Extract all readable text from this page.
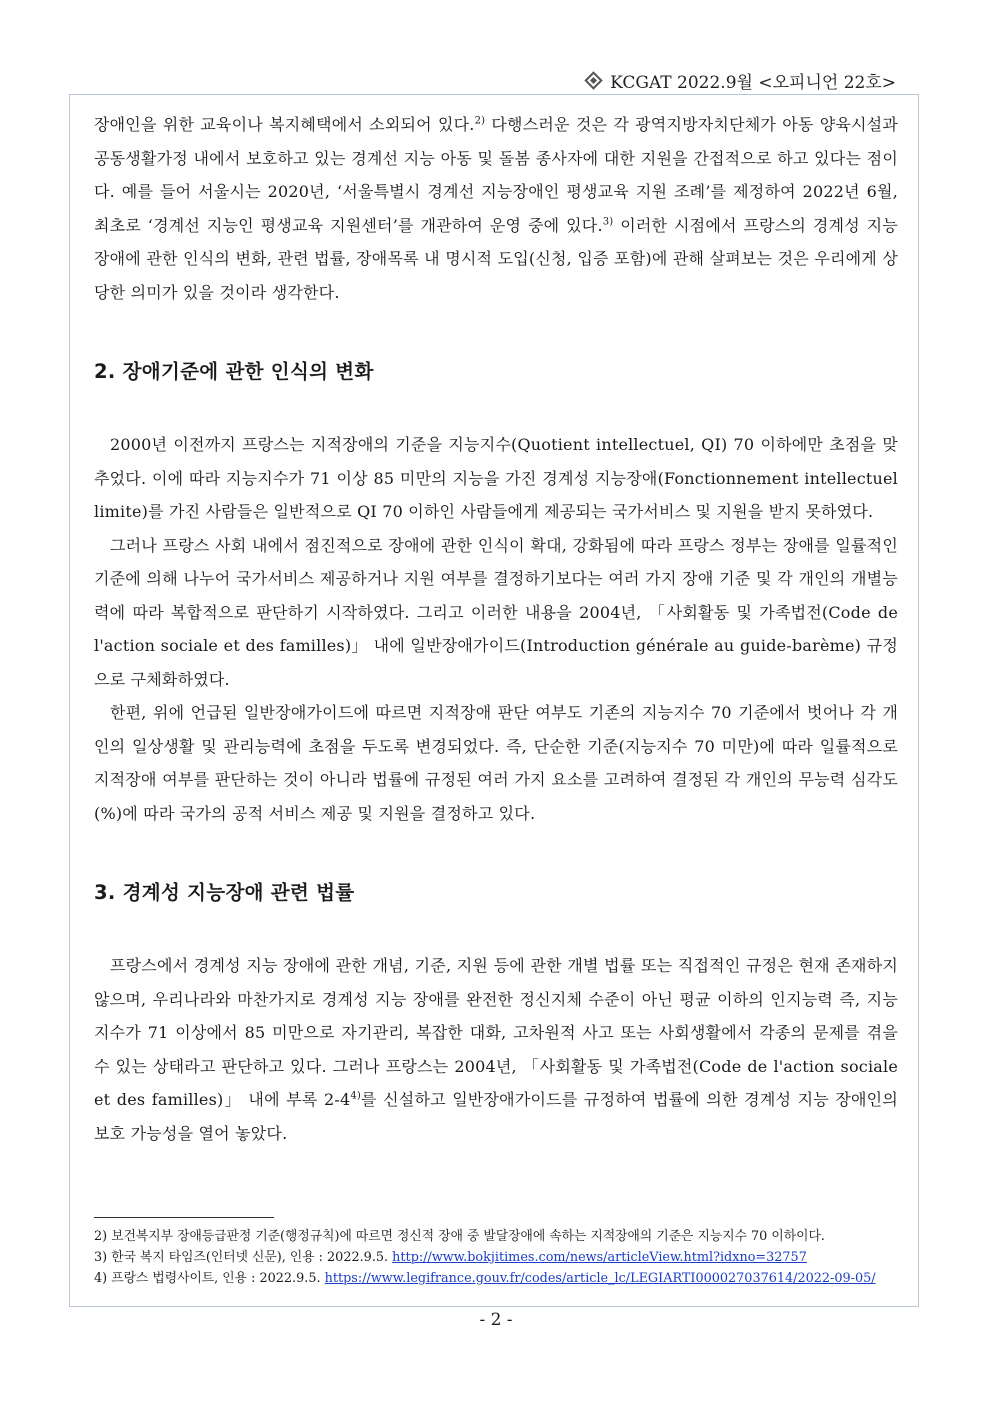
KCGAT 2022.9월 <오피니언 22호>

장애인을 위한 교육이나 복지혜택에서 소외되어 있다.$^{2)}$ 다행스러운 것은 각 광역지방자치단체가 아동 양육시설과 공동생활가정 내에서 보호하고 있는 경계선 지능 아동 및 돌봄 종사자에 대한 지원을 간접적으로 하고 있다는 점이다. 예를 들어 서울시는 2020년, ‘서울특별시 경계선 지능장애인 평생교육 지원 조례’를 제정하여 2022년 6월, 최초로 ‘경계선 지능인 평생교육 지원센터’를 개관하여 운영 중에 있다.$^{3)}$ 이러한 시점에서 프랑스의 경계성 지능 장애에 관한 인식의 변화, 관련 법률, 장애목록 내 명시적 도입(신청, 입증 포함)에 관해 살펴보는 것은 우리에게 상당한 의미가 있을 것이라 생각한다.

2. 장애기준에 관한 인식의 변화

2000년 이전까지 프랑스는 지적장애의 기준을 지능지수(Quotient intellectuel, QI) 70 이하에만 초점을 맞추었다. 이에 따라 지능지수가 71 이상 85 미만의 지능을 가진 경계성 지능장애(Fonctionnement intellectuel limite)를 가진 사람들은 일반적으로 QI 70 이하인 사람들에게 제공되는 국가서비스 및 지원을 받지 못하였다.

그러나 프랑스 사회 내에서 점진적으로 장애에 관한 인식이 확대, 강화됨에 따라 프랑스 정부는 장애를 일률적인 기준에 의해 나누어 국가서비스 제공하거나 지원 여부를 결정하기보다는 여러 가지 장애 기준 및 각 개인의 개별능력에 따라 복합적으로 판단하기 시작하였다. 그리고 이러한 내용을 2004년, 「사회활동 및 가족법전(Code de l'action sociale et des familles)」 내에 일반장애가이드(Introduction générale au guide-barème) 규정으로 구체화하였다.

한편, 위에 언급된 일반장애가이드에 따르면 지적장애 판단 여부도 기존의 지능지수 70 기준에서 벗어나 각 개인의 일상생활 및 관리능력에 초점을 두도록 변경되었다. 즉, 단순한 기준(지능지수 70 미만)에 따라 일률적으로 지적장애 여부를 판단하는 것이 아니라 법률에 규정된 여러 가지 요소를 고려하여 결정된 각 개인의 무능력 심각도(%)에 따라 국가의 공적 서비스 제공 및 지원을 결정하고 있다.

3. 경계성 지능장애 관련 법률

프랑스에서 경계성 지능 장애에 관한 개념, 기준, 지원 등에 관한 개별 법률 또는 직접적인 규정은 현재 존재하지 않으며, 우리나라와 마찬가지로 경계성 지능 장애를 완전한 정신지체 수준이 아닌 평균 이하의 인지능력 즉, 지능지수가 71 이상에서 85 미만으로 자기관리, 복잡한 대화, 고차원적 사고 또는 사회생활에서 각종의 문제를 겪을 수 있는 상태라고 판단하고 있다. 그러나 프랑스는 2004년, 「사회활동 및 가족법전(Code de l'action sociale et des familles)」 내에 부록 2-4$^{4)}$를 신설하고 일반장애가이드를 규정하여 법률에 의한 경계성 지능 장애인의 보호 가능성을 열어 놓았다.

2) 보건복지부 장애등급판정 기준(행정규칙)에 따르면 정신적 장애 중 발달장애에 속하는 지적장애의 기준은 지능지수 70 이하이다.
3) 한국 복지 타임즈(인터넷 신문), 인용 : 2022.9.5. http://www.bokjitimes.com/news/articleView.html?idxno=32757
4) 프랑스 법령사이트, 인용 : 2022.9.5. https://www.legifrance.gouv.fr/codes/article_lc/LEGIARTI000027037614/2022-09-05/
- 2 -
